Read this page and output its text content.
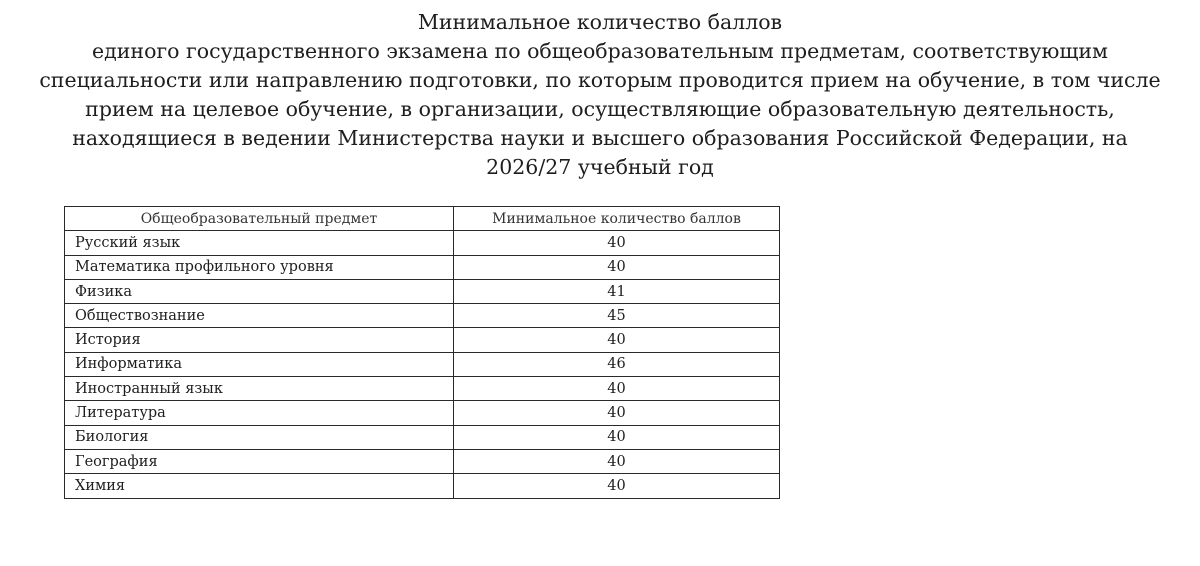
Минимальное количество баллов
единого государственного экзамена по общеобразовательным предметам, соответствующим
специальности или направлению подготовки, по которым проводится прием на обучение, в том числе
прием на целевое обучение, в организации, осуществляющие образовательную деятельность,
находящиеся в ведении Министерства науки и высшего образования Российской Федерации, на
2026/27 учебный год
Общеобразовательный предмет	Минимальное количество баллов
Русский язык	40
Математика профильного уровня	40
Физика	41
Обществознание	45
История	40
Информатика	46
Иностранный язык	40
Литература	40
Биология	40
География	40
Химия	40
